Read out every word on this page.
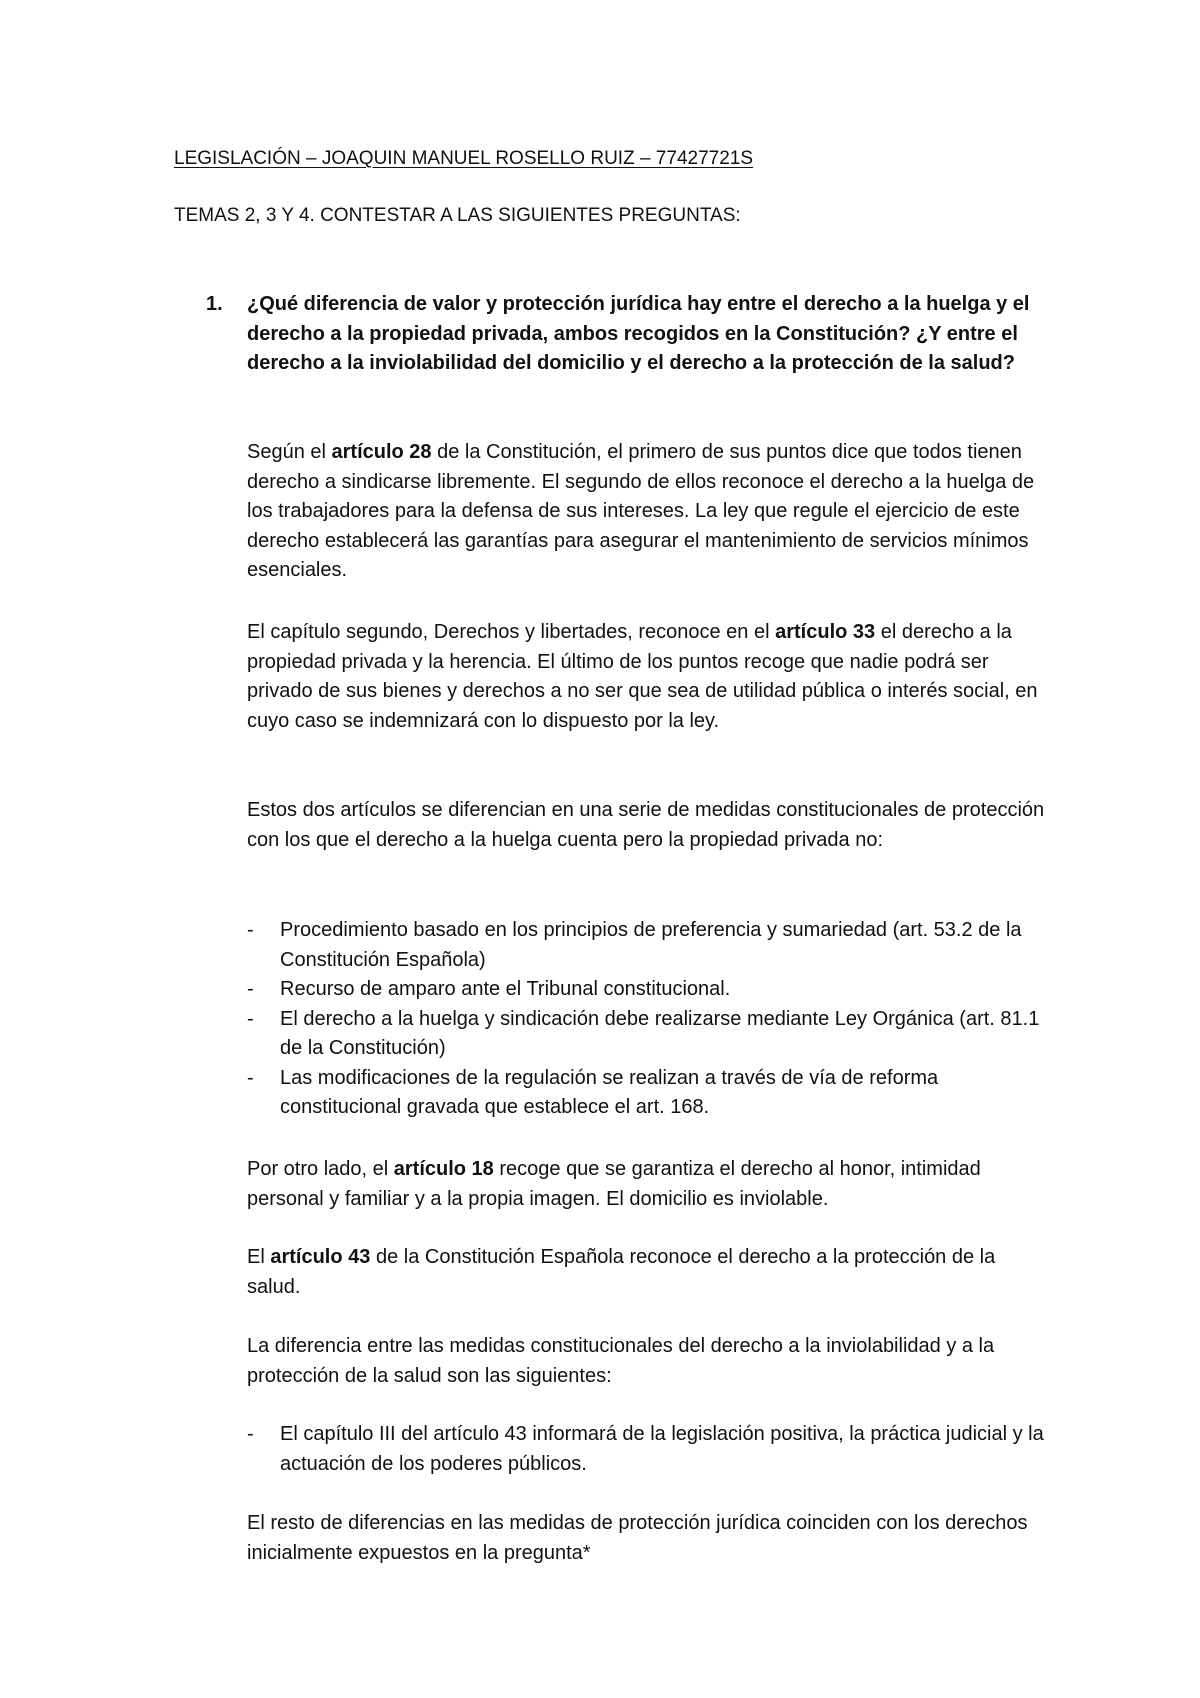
LEGISLACIÓN – JOAQUIN MANUEL ROSELLO RUIZ – 77427721S

TEMAS 2, 3 Y 4. CONTESTAR A LAS SIGUIENTES PREGUNTAS:

1. ¿Qué diferencia de valor y protección jurídica hay entre el derecho a la huelga y el derecho a la propiedad privada, ambos recogidos en la Constitución? ¿Y entre el derecho a la inviolabilidad del domicilio y el derecho a la protección de la salud?

Según el artículo 28 de la Constitución, el primero de sus puntos dice que todos tienen derecho a sindicarse libremente. El segundo de ellos reconoce el derecho a la huelga de los trabajadores para la defensa de sus intereses. La ley que regule el ejercicio de este derecho establecerá las garantías para asegurar el mantenimiento de servicios mínimos esenciales.

El capítulo segundo, Derechos y libertades, reconoce en el artículo 33 el derecho a la propiedad privada y la herencia. El último de los puntos recoge que nadie podrá ser privado de sus bienes y derechos a no ser que sea de utilidad pública o interés social, en cuyo caso se indemnizará con lo dispuesto por la ley.

Estos dos artículos se diferencian en una serie de medidas constitucionales de protección con los que el derecho a la huelga cuenta pero la propiedad privada no:

- Procedimiento basado en los principios de preferencia y sumariedad (art. 53.2 de la Constitución Española)
- Recurso de amparo ante el Tribunal constitucional.
- El derecho a la huelga y sindicación debe realizarse mediante Ley Orgánica (art. 81.1 de la Constitución)
- Las modificaciones de la regulación se realizan a través de vía de reforma constitucional gravada que establece el art. 168.

Por otro lado, el artículo 18 recoge que se garantiza el derecho al honor, intimidad personal y familiar y a la propia imagen. El domicilio es inviolable.

El artículo 43 de la Constitución Española reconoce el derecho a la protección de la salud.

La diferencia entre las medidas constitucionales del derecho a la inviolabilidad y a la protección de la salud son las siguientes:

- El capítulo III del artículo 43 informará de la legislación positiva, la práctica judicial y la actuación de los poderes públicos.

El resto de diferencias en las medidas de protección jurídica coinciden con los derechos inicialmente expuestos en la pregunta*
